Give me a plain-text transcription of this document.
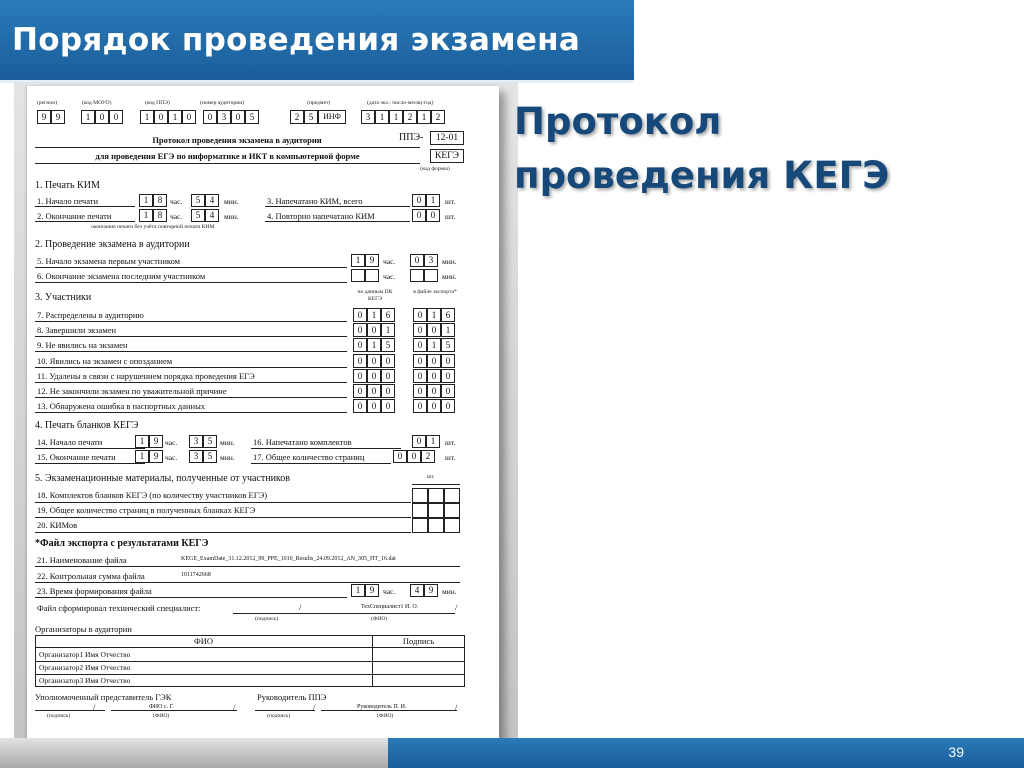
Порядок проведения экзамена
(регион)	(код МОУО)	(код ППЭ)	(номер аудитории)	(предмет)	(дата экз.: число-месяц-год)
9	9	1	0	0	1	0	1	0	0	3	0	5	2	5	ИНФ	3	1	1	2	1	2
Протокол проведения экзамена в аудитории
для проведения ЕГЭ по информатике и ИКТ в компьютерной форме
ППЭ-	12-01
КЕГЭ
(код формы)
1. Печать КИМ
1. Начало печати	1	8	час.	5	4	мин.
2. Окончание печати	1	8	час.	5	4	мин.
окончание печати без учёта повторной печати КИМ
3. Напечатано КИМ, всего	0	1	шт.
4. Повторно напечатано КИМ	0	0	шт.
2. Проведение экзамена в аудитории
5. Начало экзамена первым участником	1	9	час.	0	3	мин.
6. Окончание экзамена последним участником	час.	мин.
3. Участники	по данным ПК КЕГЭ
в файле экспорта*
7. Распределены в аудиторию	0	1	6	0	1	6
8. Завершили экзамен	0	0	1	0	0	1
9. Не явились на экзамен	0	1	5	0	1	5
10. Явились на экзамен с опозданием	0	0	0	0	0	0
11. Удалены в связи с нарушением порядка проведения ЕГЭ	0	0	0	0	0	0
12. Не закончили экзамен по уважительной причине	0	0	0	0	0	0
13. Обнаружена ошибка в паспортных данных	0	0	0	0	0	0
4. Печать бланков КЕГЭ
14. Начало печати	1	9 час.	3	5	мин.
15. Окончание печати	1	9 час.	3	5	мин.
16. Напечатано комплектов	0	1	шт.
17. Общее количество страниц	0	0	2	шт.
5. Экзаменационные материалы, полученные от участников	шт.
18. Комплектов бланков КЕГЭ (по количеству участников ЕГЭ)
19. Общее количество страниц в полученных бланках КЕГЭ
20. КИМов
*Файл экспорта с результатами КЕГЭ
21. Наименование файла	KEGE_ExamDate_31.12.2012_99_PPE_1010_Results_24.09.2012_AN_305_HT_16.dat
22. Контрольная сумма файла	1011742668
23. Время формирования файла	1	9	час.	4	9	мин.
Файл сформировал технический специалист:	/	ТехСпециалист1 И. О.	/
(подпись)	(ФИО)
Организаторы в аудитории
ФИО	Подпись
Организатор1 Имя Отчество
Организатор2 Имя Отчество
Организатор3 Имя Отчество
Уполномоченный представитель ГЭК
/	ФИО с. Г.	/
(подпись)	(ФИО)
Руководитель ППЭ
/	Руководитель П. И.	/
(подпись)	(ФИО)
Протокол
проведения КЕГЭ
39
